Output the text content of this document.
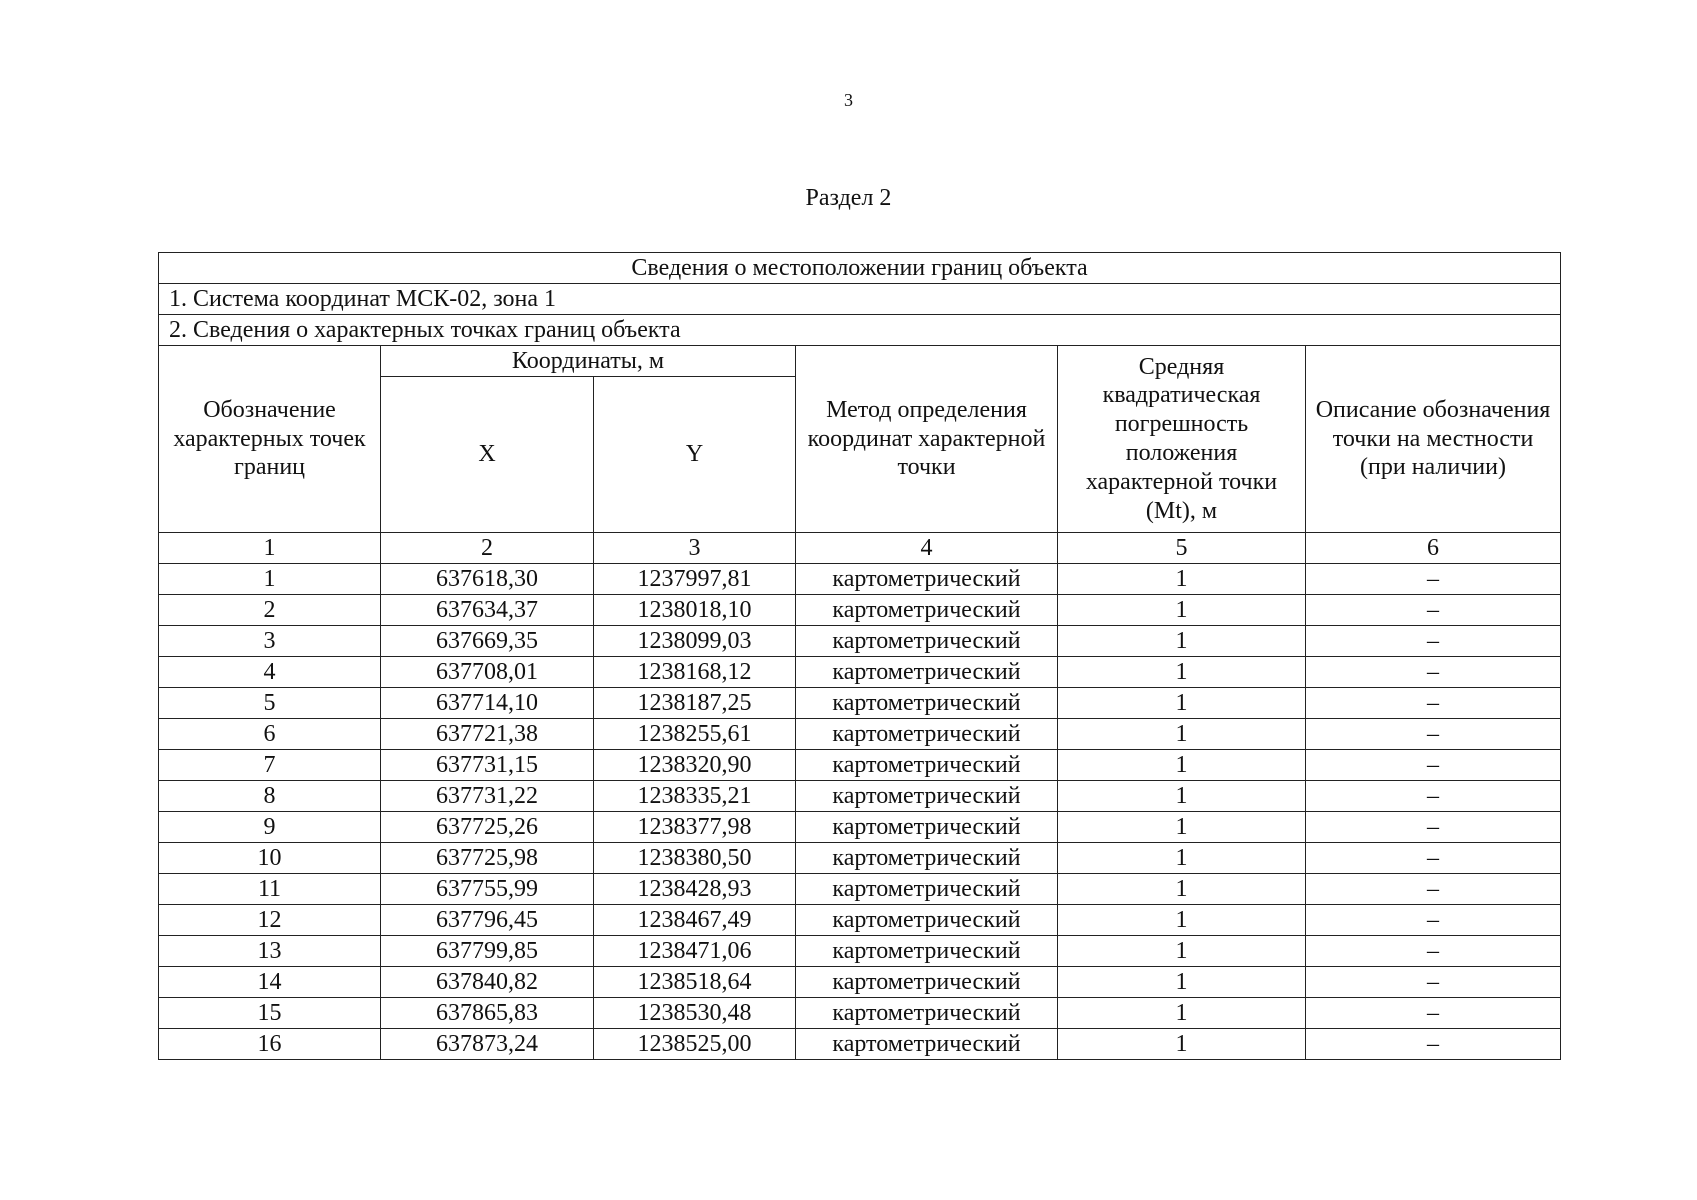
3
Раздел 2
Сведения о местоположении границ объекта					
1. Система координат МСК-02, зона 1					
2. Сведения о характерных точках границ объекта					
Обозначение характерных точек границ	Координаты, м		Метод определения координат характерной точки	Средняя квадратическая погрешность положения характерной точки (Mt), м	Описание обозначения точки на местности (при наличии)
	X	Y			
1	2	3	4	5	6
1	637618,30	1237997,81	картометрический	1	–
2	637634,37	1238018,10	картометрический	1	–
3	637669,35	1238099,03	картометрический	1	–
4	637708,01	1238168,12	картометрический	1	–
5	637714,10	1238187,25	картометрический	1	–
6	637721,38	1238255,61	картометрический	1	–
7	637731,15	1238320,90	картометрический	1	–
8	637731,22	1238335,21	картометрический	1	–
9	637725,26	1238377,98	картометрический	1	–
10	637725,98	1238380,50	картометрический	1	–
11	637755,99	1238428,93	картометрический	1	–
12	637796,45	1238467,49	картометрический	1	–
13	637799,85	1238471,06	картометрический	1	–
14	637840,82	1238518,64	картометрический	1	–
15	637865,83	1238530,48	картометрический	1	–
16	637873,24	1238525,00	картометрический	1	–
